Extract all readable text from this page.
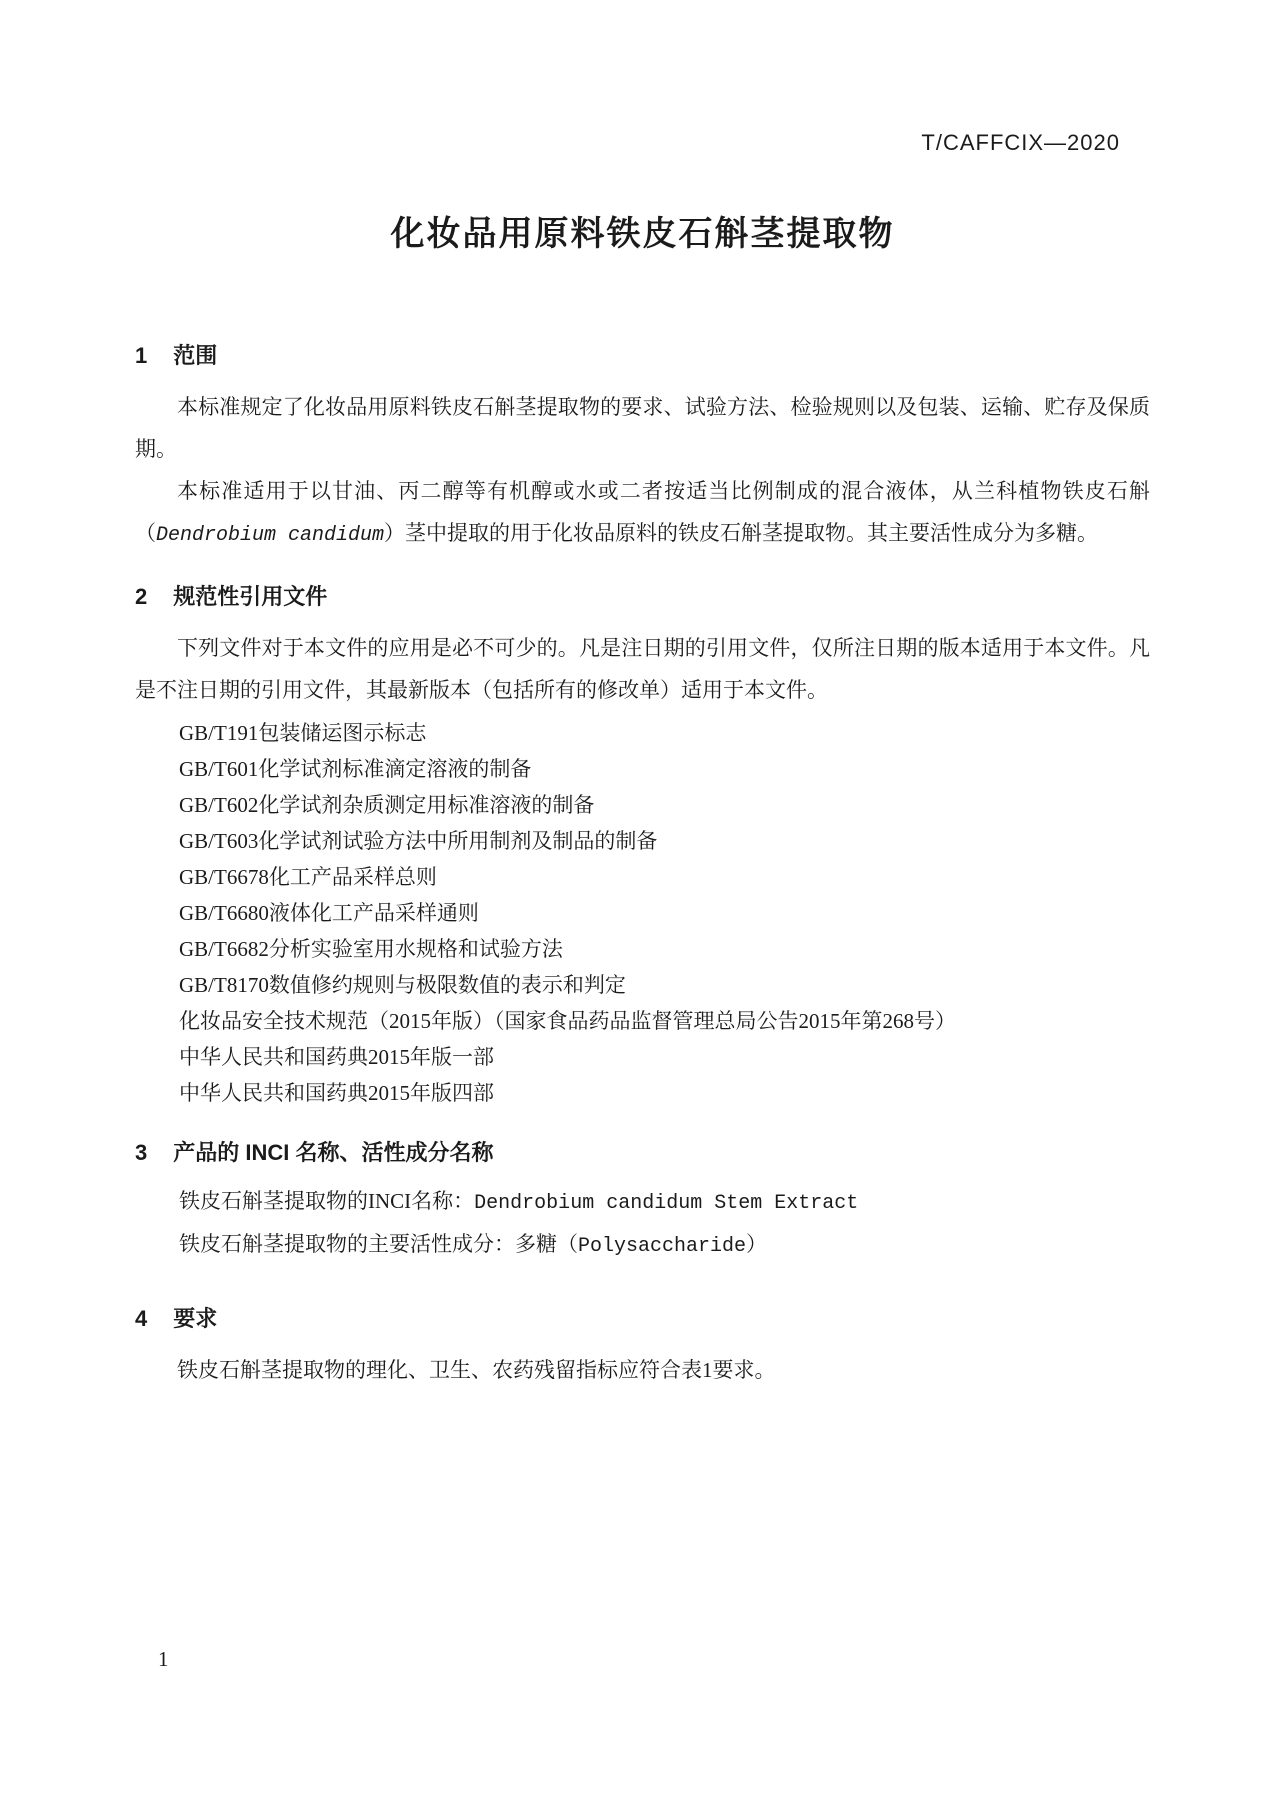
T/CAFFCIX—2020
化妆品用原料铁皮石斛茎提取物
1 范围

本标准规定了化妆品用原料铁皮石斛茎提取物的要求、试验方法、检验规则以及包装、运输、贮存及保质期。

本标准适用于以甘油、丙二醇等有机醇或水或二者按适当比例制成的混合液体，从兰科植物铁皮石斛（Dendrobium candidum）茎中提取的用于化妆品原料的铁皮石斛茎提取物。其主要活性成分为多糖。

2 规范性引用文件

下列文件对于本文件的应用是必不可少的。凡是注日期的引用文件，仅所注日期的版本适用于本文件。凡是不注日期的引用文件，其最新版本（包括所有的修改单）适用于本文件。

GB/T191包装储运图示标志
GB/T601化学试剂标准滴定溶液的制备
GB/T602化学试剂杂质测定用标准溶液的制备
GB/T603化学试剂试验方法中所用制剂及制品的制备
GB/T6678化工产品采样总则
GB/T6680液体化工产品采样通则
GB/T6682分析实验室用水规格和试验方法
GB/T8170数值修约规则与极限数值的表示和判定
化妆品安全技术规范（2015年版）（国家食品药品监督管理总局公告2015年第268号）
中华人民共和国药典2015年版一部
中华人民共和国药典2015年版四部
3 产品的 INCI 名称、活性成分名称

铁皮石斛茎提取物的INCI名称：Dendrobium candidum Stem Extract

铁皮石斛茎提取物的主要活性成分：多糖（Polysaccharide）

4 要求

铁皮石斛茎提取物的理化、卫生、农药残留指标应符合表1要求。

1
